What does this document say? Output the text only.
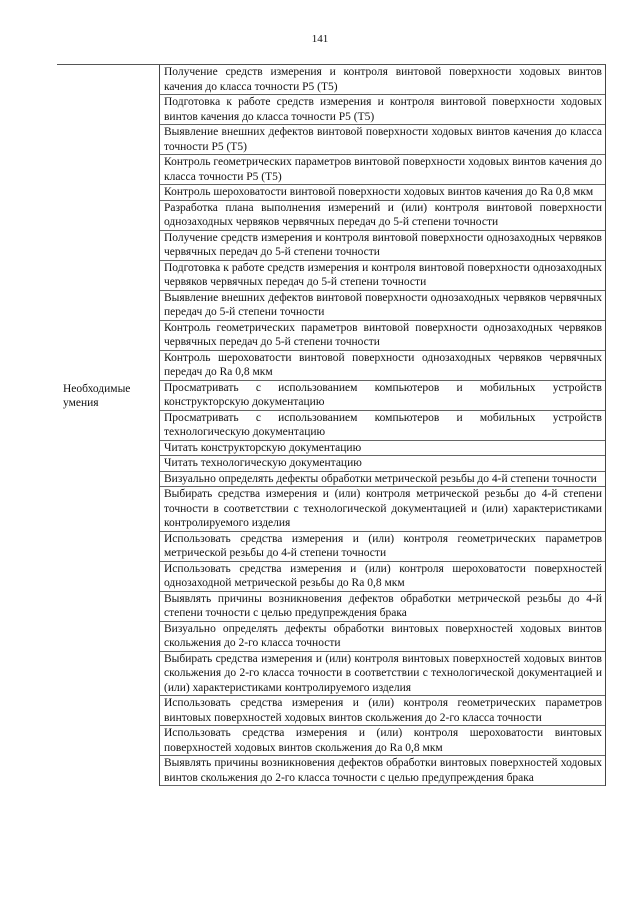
141
Получение средств измерения и контроля винтовой поверхности ходовых винтов качения до класса точности Р5 (Т5)
Подготовка к работе средств измерения и контроля винтовой поверхности ходовых винтов качения до класса точности Р5 (Т5)
Выявление внешних дефектов винтовой поверхности ходовых винтов качения до класса точности Р5 (Т5)
Контроль геометрических параметров винтовой поверхности ходовых винтов качения до класса точности Р5 (Т5)
Контроль шероховатости винтовой поверхности ходовых винтов качения до Ra 0,8 мкм
Разработка плана выполнения измерений и (или) контроля винтовой поверхности однозаходных червяков червячных передач до 5-й степени точности
Получение средств измерения и контроля винтовой поверхности однозаходных червяков червячных передач до 5-й степени точности
Подготовка к работе средств измерения и контроля винтовой поверхности однозаходных червяков червячных передач до 5-й степени точности
Выявление внешних дефектов винтовой поверхности однозаходных червяков червячных передач до 5-й степени точности
Контроль геометрических параметров винтовой поверхности однозаходных червяков червячных передач до 5-й степени точности
Контроль шероховатости винтовой поверхности однозаходных червяков червячных передач до Ra 0,8 мкм
Необходимые умения
Просматривать с использованием компьютеров и мобильных устройств конструкторскую документацию
Просматривать с использованием компьютеров и мобильных устройств технологическую документацию
Читать конструкторскую документацию
Читать технологическую документацию
Визуально определять дефекты обработки метрической резьбы до 4-й степени точности
Выбирать средства измерения и (или) контроля метрической резьбы до 4-й степени точности в соответствии с технологической документацией и (или) характеристиками контролируемого изделия
Использовать средства измерения и (или) контроля геометрических параметров метрической резьбы до 4-й степени точности
Использовать средства измерения и (или) контроля шероховатости поверхностей однозаходной метрической резьбы до Ra 0,8 мкм
Выявлять причины возникновения дефектов обработки метрической резьбы до 4-й степени точности с целью предупреждения брака
Визуально определять дефекты обработки винтовых поверхностей ходовых винтов скольжения до 2-го класса точности
Выбирать средства измерения и (или) контроля винтовых поверхностей ходовых винтов скольжения до 2-го класса точности в соответствии с технологической документацией и (или) характеристиками контролируемого изделия
Использовать средства измерения и (или) контроля геометрических параметров винтовых поверхностей ходовых винтов скольжения до 2-го класса точности
Использовать средства измерения и (или) контроля шероховатости винтовых поверхностей ходовых винтов скольжения до Ra 0,8 мкм
Выявлять причины возникновения дефектов обработки винтовых поверхностей ходовых винтов скольжения до 2-го класса точности с целью предупреждения брака
